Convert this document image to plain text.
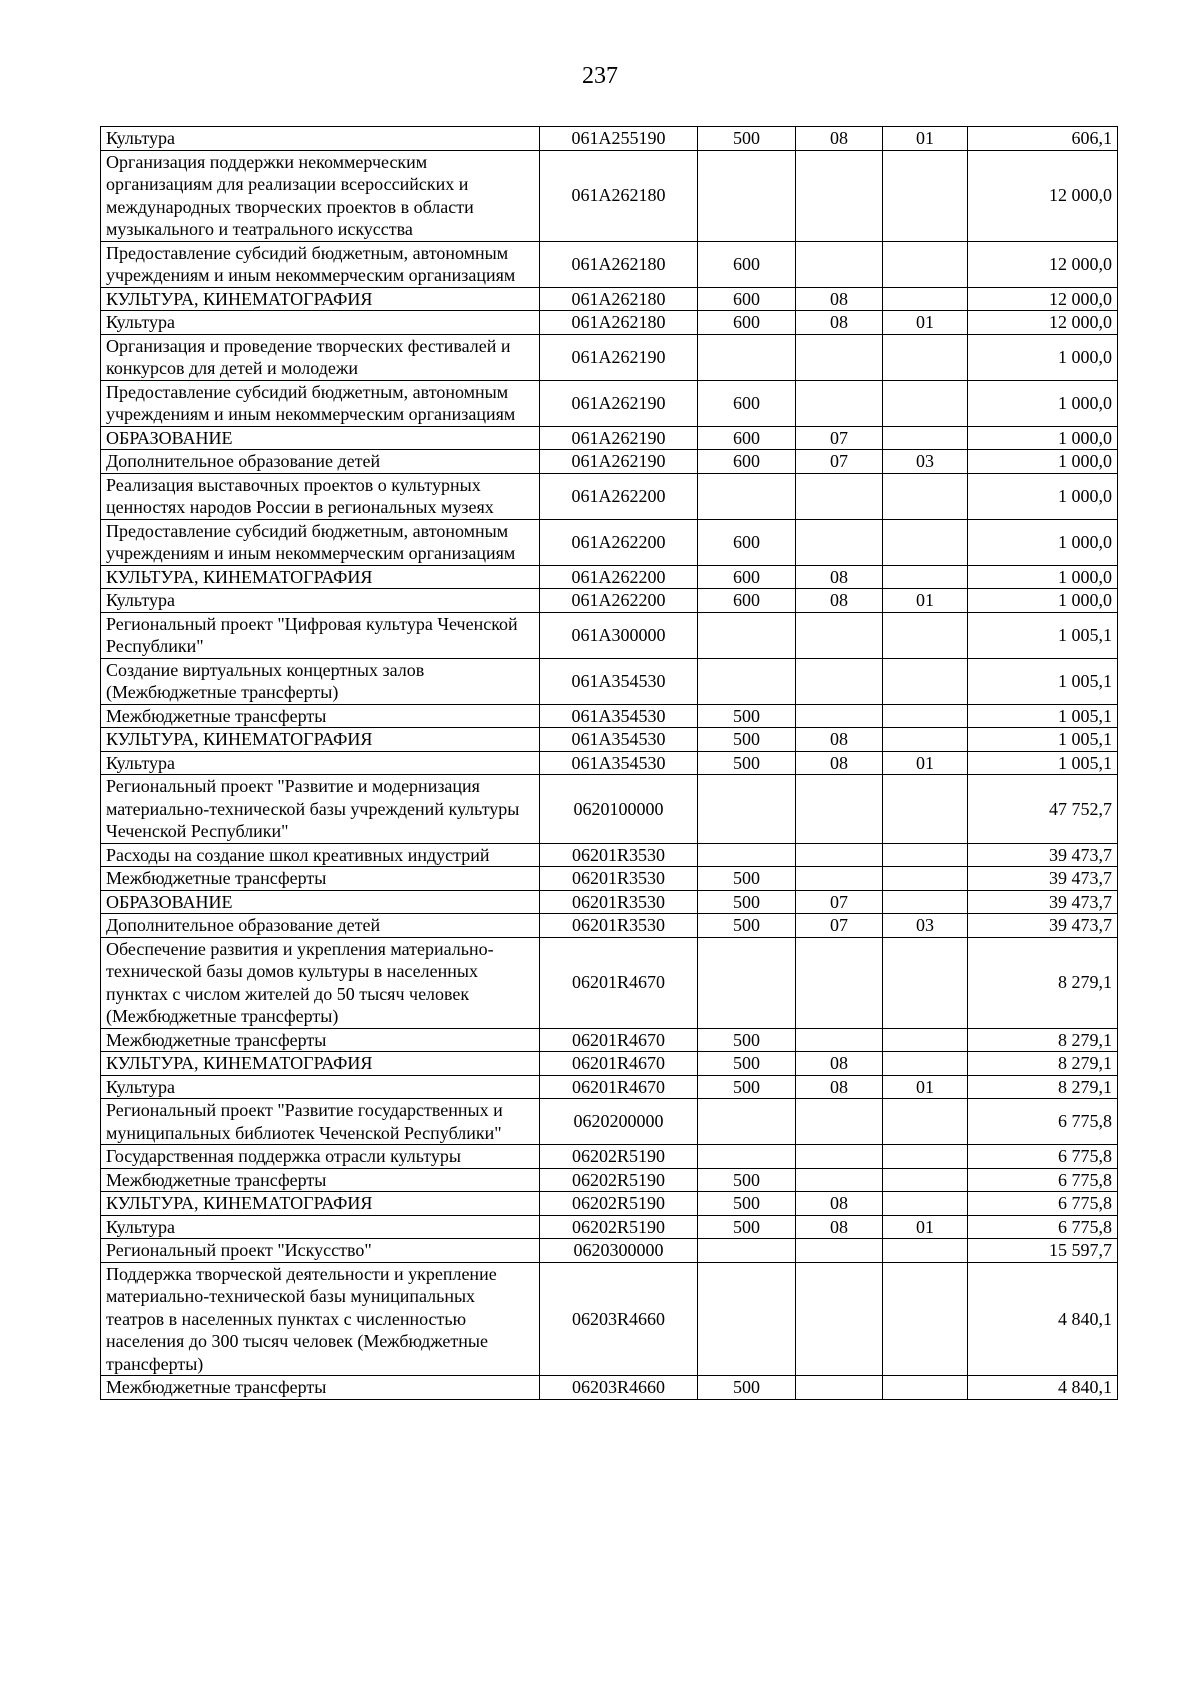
237
Культура	061A255190	500	08	01	606,1
Организация поддержки некоммерческим организациям для реализации всероссийских и международных творческих проектов в области музыкального и театрального искусства	061A262180				12 000,0
Предоставление субсидий бюджетным, автономным учреждениям и иным некоммерческим организациям	061A262180	600			12 000,0
КУЛЬТУРА, КИНЕМАТОГРАФИЯ	061A262180	600	08		12 000,0
Культура	061A262180	600	08	01	12 000,0
Организация и проведение творческих фестивалей и конкурсов для детей и молодежи	061A262190				1 000,0
Предоставление субсидий бюджетным, автономным учреждениям и иным некоммерческим организациям	061A262190	600			1 000,0
ОБРАЗОВАНИЕ	061A262190	600	07		1 000,0
Дополнительное образование детей	061A262190	600	07	03	1 000,0
Реализация выставочных проектов о культурных ценностях народов России в региональных музеях	061A262200				1 000,0
Предоставление субсидий бюджетным, автономным учреждениям и иным некоммерческим организациям	061A262200	600			1 000,0
КУЛЬТУРА, КИНЕМАТОГРАФИЯ	061A262200	600	08		1 000,0
Культура	061A262200	600	08	01	1 000,0
Региональный проект "Цифровая культура Чеченской Республики"	061A300000				1 005,1
Создание виртуальных концертных залов (Межбюджетные трансферты)	061A354530				1 005,1
Межбюджетные трансферты	061A354530	500			1 005,1
КУЛЬТУРА, КИНЕМАТОГРАФИЯ	061A354530	500	08		1 005,1
Культура	061A354530	500	08	01	1 005,1
Региональный проект "Развитие и модернизация материально-технической базы учреждений культуры Чеченской Республики"	0620100000				47 752,7
Расходы на создание школ креативных индустрий	06201R3530				39 473,7
Межбюджетные трансферты	06201R3530	500			39 473,7
ОБРАЗОВАНИЕ	06201R3530	500	07		39 473,7
Дополнительное образование детей	06201R3530	500	07	03	39 473,7
Обеспечение развития и укрепления материально-технической базы домов культуры в населенных пунктах с числом жителей до 50 тысяч человек (Межбюджетные трансферты)	06201R4670				8 279,1
Межбюджетные трансферты	06201R4670	500			8 279,1
КУЛЬТУРА, КИНЕМАТОГРАФИЯ	06201R4670	500	08		8 279,1
Культура	06201R4670	500	08	01	8 279,1
Региональный проект "Развитие государственных и муниципальных библиотек Чеченской Республики"	0620200000				6 775,8
Государственная поддержка отрасли культуры	06202R5190				6 775,8
Межбюджетные трансферты	06202R5190	500			6 775,8
КУЛЬТУРА, КИНЕМАТОГРАФИЯ	06202R5190	500	08		6 775,8
Культура	06202R5190	500	08	01	6 775,8
Региональный проект "Искусство"	0620300000				15 597,7
Поддержка творческой деятельности и укрепление материально-технической базы муниципальных театров в населенных пунктах с численностью населения до 300 тысяч человек (Межбюджетные трансферты)	06203R4660				4 840,1
Межбюджетные трансферты	06203R4660	500			4 840,1
